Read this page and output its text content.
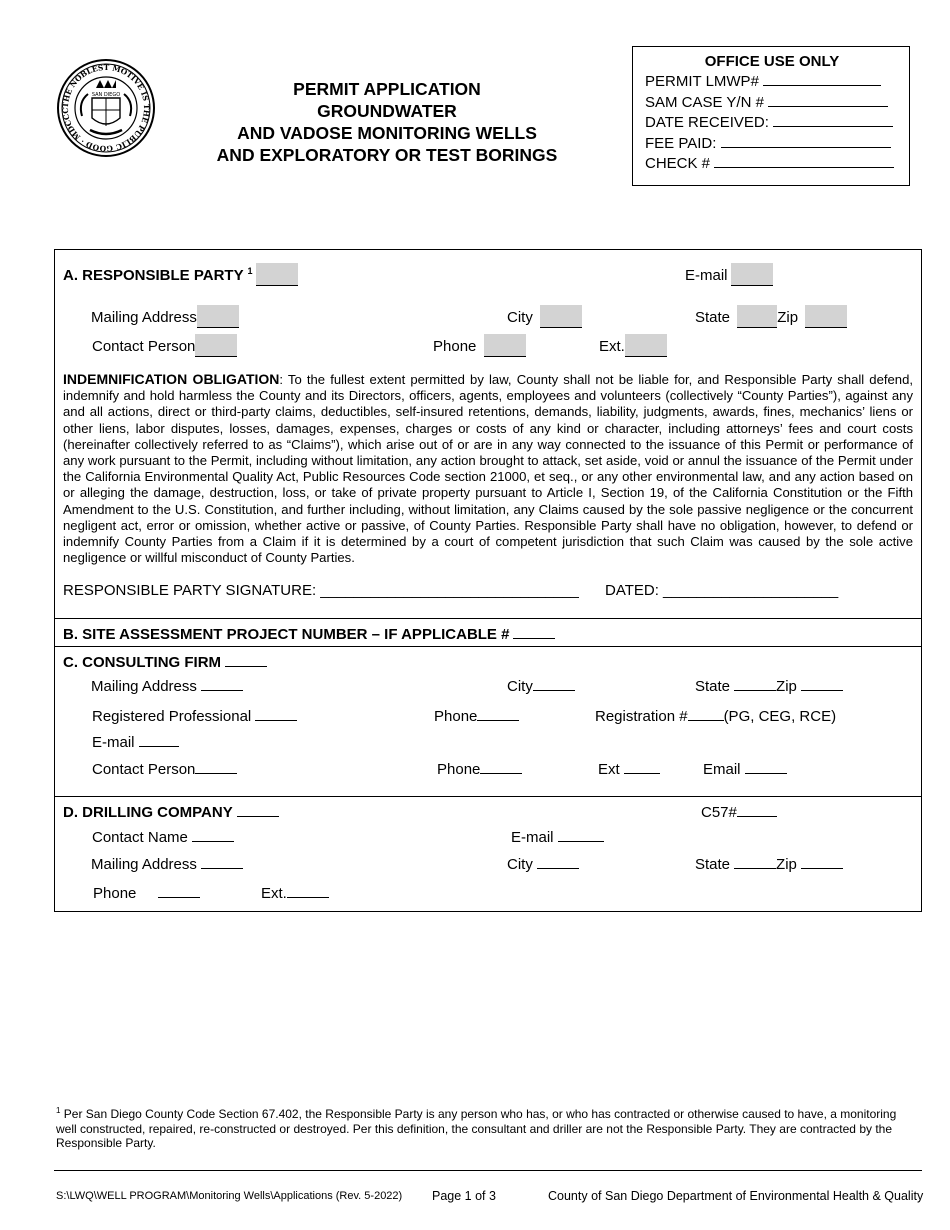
THE NOBLEST MOTIVE IS THE PUBLIC GOOD · MDCCC
SAN DIEGO	PERMIT APPLICATION
GROUNDWATER
AND VADOSE MONITORING WELLS
AND EXPLORATORY OR TEST BORINGS
OFFICE USE ONLY
PERMIT LMWP#
SAM CASE Y/N #
DATE RECEIVED:
FEE PAID:
CHECK #
A. RESPONSIBLE PARTY $^1$	E-mail
Mailing Address	City	State	Zip
Contact Person	Phone	Ext.
INDEMNIFICATION OBLIGATION: To the fullest extent permitted by law, County shall not be liable for, and Responsible Party shall defend, indemnify and hold harmless the County and its Directors, officers, agents, employees and volunteers (collectively “County Parties”), against any and all actions, direct or third-party claims, deductibles, self-insured retentions, demands, liability, judgments, awards, fines, mechanics’ liens or other liens, labor disputes, losses, damages, expenses, charges or costs of any kind or character, including attorneys’ fees and court costs (hereinafter collectively referred to as “Claims”), which arise out of or are in any way connected to the issuance of this Permit or performance of any work pursuant to the Permit, including without limitation, any action brought to attack, set aside, void or annul the issuance of the Permit under the California Environmental Quality Act, Public Resources Code section 21000, et seq., or any other environmental law, and any action based on or alleging the damage, destruction, loss, or take of private property pursuant to Article I, Section 19, of the California Constitution or the Fifth Amendment to the U.S. Constitution, and further including, without limitation, any Claims caused by the sole passive negligence or the concurrent negligent act, error or omission, whether active or passive, of County Parties. Responsible Party shall have no obligation, however, to defend or indemnify County Parties from a Claim if it is determined by a court of competent jurisdiction that such Claim was caused by the sole active negligence or willful misconduct of County Parties.
RESPONSIBLE PARTY SIGNATURE: _______________________________ DATED: _____________________
B. SITE ASSESSMENT PROJECT NUMBER – IF APPLICABLE #
C. CONSULTING FIRM
Mailing Address	City	State	Zip
Registered Professional	Phone	Registration # (PG, CEG, RCE)
E-mail
Contact Person	Phone	Ext	Email
D. DRILLING COMPANY	C57#
Contact Name	E-mail
Mailing Address	City	State	Zip
Phone	Ext.
$^1$ Per San Diego County Code Section 67.402, the Responsible Party is any person who has, or who has contracted or otherwise caused to have, a monitoring well constructed, repaired, re-constructed or destroyed. Per this definition, the consultant and driller are not the Responsible Party. They are contracted by the Responsible Party.
S:\LWQ\WELL PROGRAM\Monitoring Wells\Applications (Rev. 5-2022) Page 1 of 3	County of San Diego Department of Environmental Health & Quality
